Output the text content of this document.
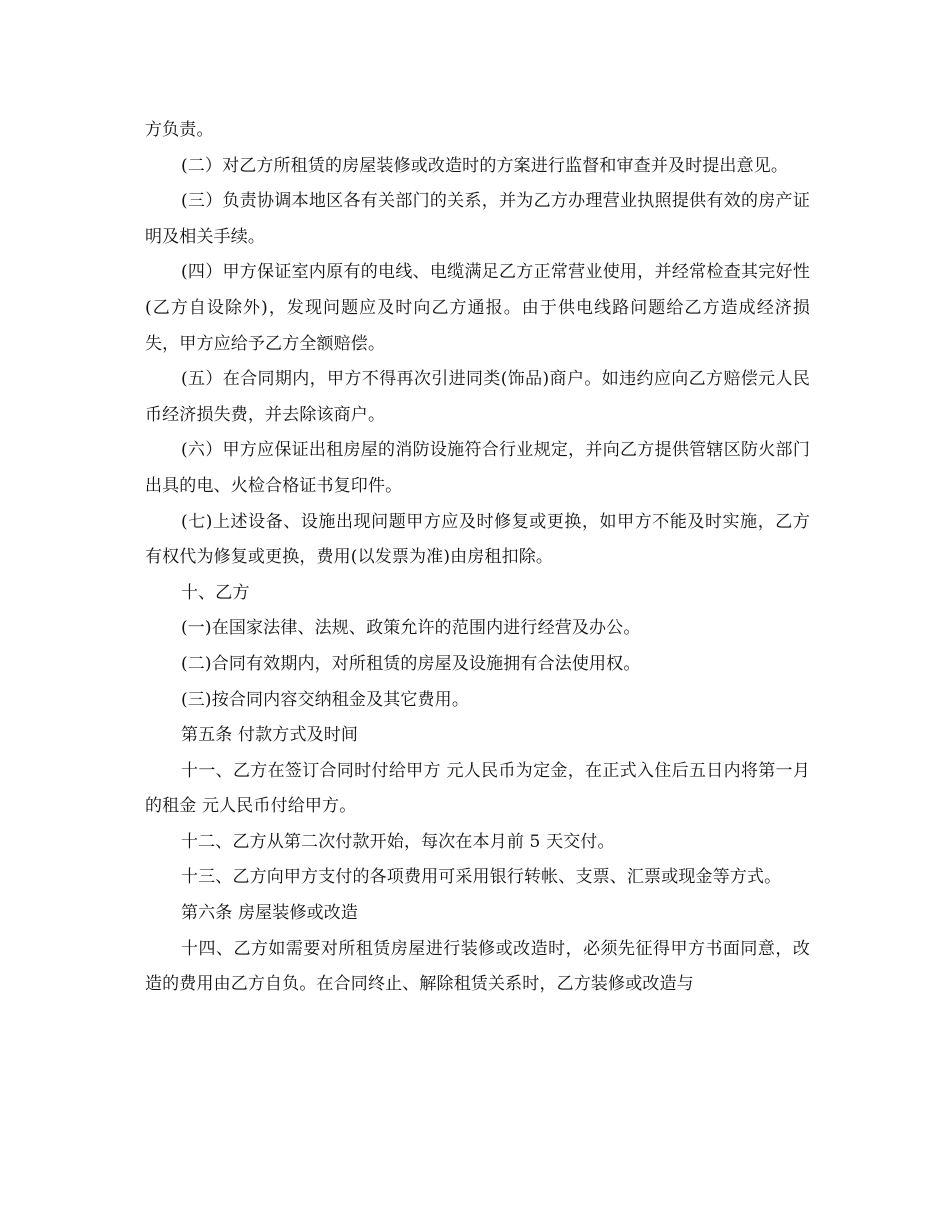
方负责。

(二）对乙方所租赁的房屋装修或改造时的方案进行监督和审查并及时提出意见。

(三）负责协调本地区各有关部门的关系，并为乙方办理营业执照提供有效的房产证明及相关手续。

(四）甲方保证室内原有的电线、电缆满足乙方正常营业使用，并经常检查其完好性(乙方自设除外)，发现问题应及时向乙方通报。由于供电线路问题给乙方造成经济损失，甲方应给予乙方全额赔偿。

(五）在合同期内，甲方不得再次引进同类(饰品)商户。如违约应向乙方赔偿元人民币经济损失费，并去除该商户。

(六）甲方应保证出租房屋的消防设施符合行业规定，并向乙方提供管辖区防火部门出具的电、火检合格证书复印件。

(七)上述设备、设施出现问题甲方应及时修复或更换，如甲方不能及时实施，乙方有权代为修复或更换，费用(以发票为准)由房租扣除。

十、乙方

(一)在国家法律、法规、政策允许的范围内进行经营及办公。

(二)合同有效期内，对所租赁的房屋及设施拥有合法使用权。

(三)按合同内容交纳租金及其它费用。

第五条 付款方式及时间

十一、乙方在签订合同时付给甲方 元人民币为定金，在正式入住后五日内将第一月的租金 元人民币付给甲方。

十二、乙方从第二次付款开始，每次在本月前 5 天交付。

十三、乙方向甲方支付的各项费用可采用银行转帐、支票、汇票或现金等方式。

第六条 房屋装修或改造

十四、乙方如需要对所租赁房屋进行装修或改造时，必须先征得甲方书面同意，改造的费用由乙方自负。在合同终止、解除租赁关系时，乙方装修或改造与
